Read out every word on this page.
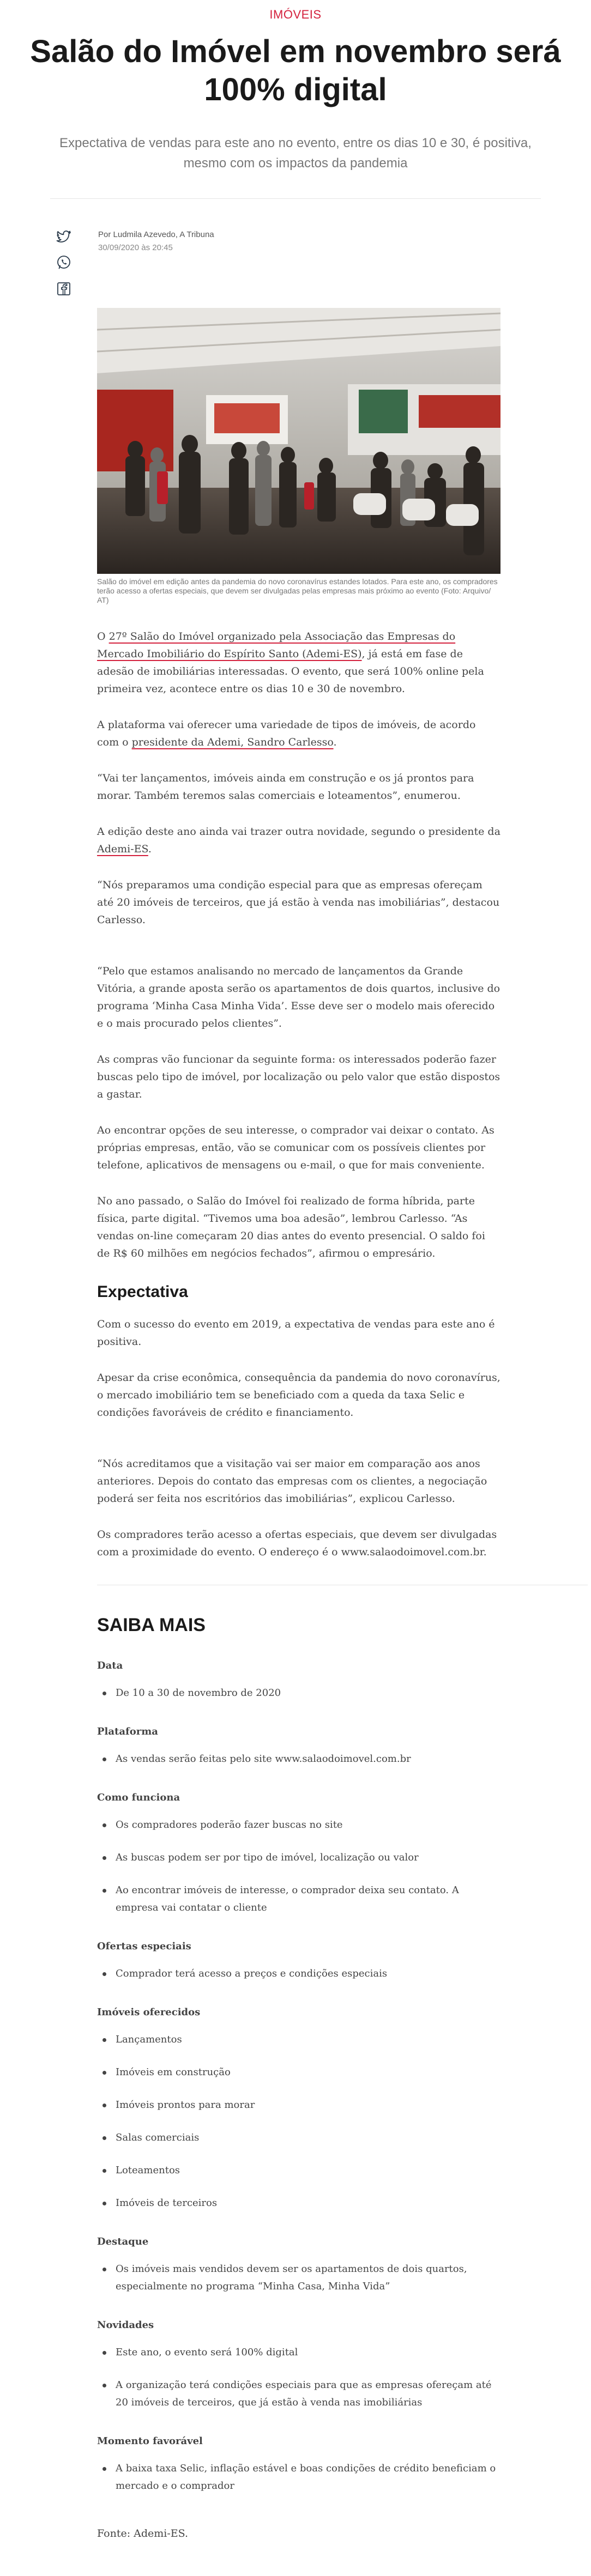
IMÓVEIS
Salão do Imóvel em novembro será 100% digital

Expectativa de vendas para este ano no evento, entre os dias 10 e 30, é positiva, mesmo com os impactos da pandemia

Por Ludmila Azevedo, A Tribuna
30/09/2020 às 20:45

Salão do imóvel em edição antes da pandemia do novo coronavírus estandes lotados. Para este ano, os compradores terão acesso a ofertas especiais, que devem ser divulgadas pelas empresas mais próximo ao evento (Foto: Arquivo/ AT)

O 27º Salão do Imóvel organizado pela Associação das Empresas do Mercado Imobiliário do Espírito Santo (Ademi-ES), já está em fase de adesão de imobiliárias interessadas. O evento, que será 100% online pela primeira vez, acontece entre os dias 10 e 30 de novembro.

A plataforma vai oferecer uma variedade de tipos de imóveis, de acordo com o presidente da Ademi, Sandro Carlesso.

“Vai ter lançamentos, imóveis ainda em construção e os já prontos para morar. Também teremos salas comerciais e loteamentos”, enumerou.

A edição deste ano ainda vai trazer outra novidade, segundo o presidente da Ademi-ES.

“Nós preparamos uma condição especial para que as empresas ofereçam até 20 imóveis de terceiros, que já estão à venda nas imobiliárias”, destacou Carlesso.

“Pelo que estamos analisando no mercado de lançamentos da Grande Vitória, a grande aposta serão os apartamentos de dois quartos, inclusive do programa ‘Minha Casa Minha Vida’. Esse deve ser o modelo mais oferecido e o mais procurado pelos clientes”.

As compras vão funcionar da seguinte forma: os interessados poderão fazer buscas pelo tipo de imóvel, por localização ou pelo valor que estão dispostos a gastar.

Ao encontrar opções de seu interesse, o comprador vai deixar o contato. As próprias empresas, então, vão se comunicar com os possíveis clientes por telefone, aplicativos de mensagens ou e-mail, o que for mais conveniente.

No ano passado, o Salão do Imóvel foi realizado de forma híbrida, parte física, parte digital. “Tivemos uma boa adesão”, lembrou Carlesso. “As vendas on-line começaram 20 dias antes do evento presencial. O saldo foi de R$ 60 milhões em negócios fechados”, afirmou o empresário.

Expectativa

Com o sucesso do evento em 2019, a expectativa de vendas para este ano é positiva.

Apesar da crise econômica, consequência da pandemia do novo coronavírus, o mercado imobiliário tem se beneficiado com a queda da taxa Selic e condições favoráveis de crédito e financiamento.

“Nós acreditamos que a visitação vai ser maior em comparação aos anos anteriores. Depois do contato das empresas com os clientes, a negociação poderá ser feita nos escritórios das imobiliárias”, explicou Carlesso.

Os compradores terão acesso a ofertas especiais, que devem ser divulgadas com a proximidade do evento. O endereço é o www.salaodoimovel.com.br.

SAIBA MAIS
Data
De 10 a 30 de novembro de 2020
Plataforma
As vendas serão feitas pelo site www.salaodoimovel.com.br
Como funciona
Os compradores poderão fazer buscas no site
As buscas podem ser por tipo de imóvel, localização ou valor
Ao encontrar imóveis de interesse, o comprador deixa seu contato. A empresa vai contatar o cliente
Ofertas especiais
Comprador terá acesso a preços e condições especiais
Imóveis oferecidos
Lançamentos
Imóveis em construção
Imóveis prontos para morar
Salas comerciais
Loteamentos
Imóveis de terceiros
Destaque
Os imóveis mais vendidos devem ser os apartamentos de dois quartos, especialmente no programa “Minha Casa, Minha Vida”
Novidades
Este ano, o evento será 100% digital
A organização terá condições especiais para que as empresas ofereçam até 20 imóveis de terceiros, que já estão à venda nas imobiliárias
Momento favorável
A baixa taxa Selic, inflação estável e boas condições de crédito beneficiam o mercado e o comprador

Fonte: Ademi-ES.
